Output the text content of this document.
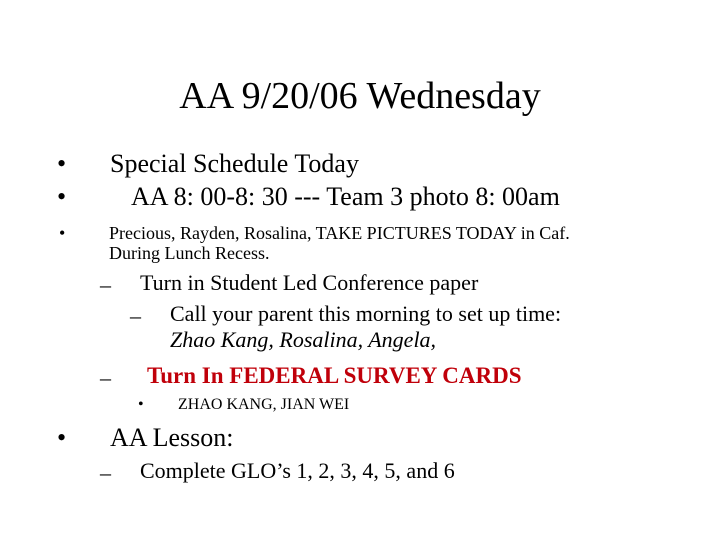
AA 9/20/06 Wednesday
• Special Schedule Today
• AA 8: 00-8: 30 --- Team 3 photo 8: 00am
• Precious, Rayden, Rosalina, TAKE PICTURES TODAY in Caf.
During Lunch Recess.
– Turn in Student Led Conference paper
– Call your parent this morning to set up time:
Zhao Kang, Rosalina, Angela,
– Turn In FEDERAL SURVEY CARDS
• ZHAO KANG, JIAN WEI
• AA Lesson:
– Complete GLO’s 1, 2, 3, 4, 5, and 6
